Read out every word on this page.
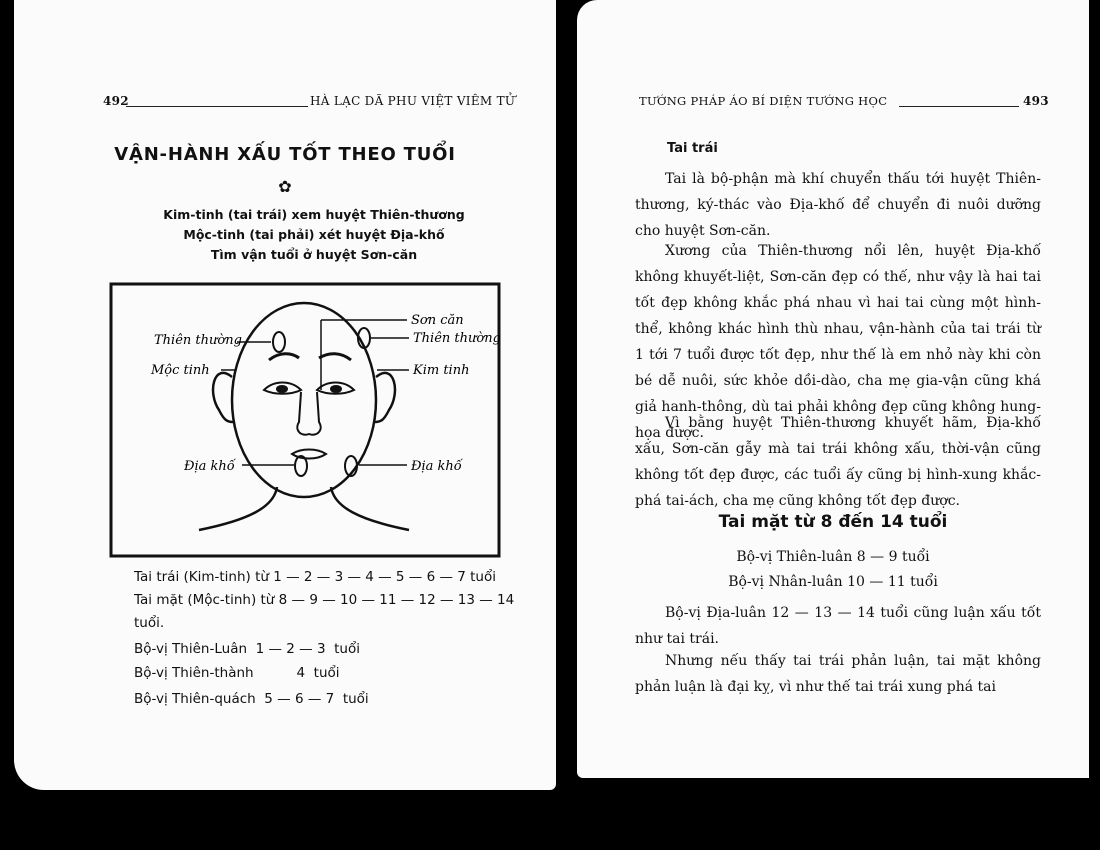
492	HÀ LẠC DÃ PHU VIỆT VIÊM TỬ
VẬN-HÀNH XẤU TỐT THEO TUỔI
✿
Kim-tinh (tai trái) xem huyệt Thiên-thương
Mộc-tinh (tai phải) xét huyệt Địa-khố
Tìm vận tuổi ở huyệt Sơn-căn
Sơn căn
Thiên thường	Thiên thường
Mộc tinh	Kim tinh
Địa khố	Địa khố
Tai trái (Kim-tinh) từ 1 — 2 — 3 — 4 — 5 — 6 — 7 tuổi
Tai mặt (Mộc-tinh) từ 8 — 9 — 10 — 11 — 12 — 13 — 14
tuổi.
Bộ-vị Thiên-Luân  1 — 2 — 3  tuổi
Bộ-vị Thiên-thành          4  tuổi
Bộ-vị Thiên-quách  5 — 6 — 7  tuổi
TƯỚNG PHÁP ÁO BÍ DIỆN TƯỚNG HỌC	493
Tai trái
Tai là bộ-phận mà khí chuyển thấu tới huyệt Thiên-thương, ký-thác vào Địa-khố để chuyển đi nuôi dưỡng cho huyệt Sơn-căn.
Xương của Thiên-thương nổi lên, huyệt Địa-khố không khuyết-liệt, Sơn-căn đẹp có thế, như vậy là hai tai tốt đẹp không khắc phá nhau vì hai tai cùng một hình-thể, không khác hình thù nhau, vận-hành của tai trái từ 1 tới 7 tuổi được tốt đẹp, như thế là em nhỏ này khi còn bé dễ nuôi, sức khỏe dồi-dào, cha mẹ gia-vận cũng khá giả hanh-thông, dù tai phải không đẹp cũng không hung-họa được.
Vì bằng huyệt Thiên-thương khuyết hãm, Địa-khố xấu, Sơn-căn gẫy mà tai trái không xấu, thời-vận cũng không tốt đẹp được, các tuổi ấy cũng bị hình-xung khắc-phá tai-ách, cha mẹ cũng không tốt đẹp được.
Tai mặt từ 8 đến 14 tuổi
Bộ-vị Thiên-luân 8 — 9 tuổi
Bộ-vị Nhân-luân 10 — 11 tuổi
Bộ-vị Địa-luân 12 — 13 — 14 tuổi cũng luận xấu tốt như tai trái.
Nhưng nếu thấy tai trái phản luận, tai mặt không phản luận là đại kỵ, vì như thế tai trái xung phá tai
